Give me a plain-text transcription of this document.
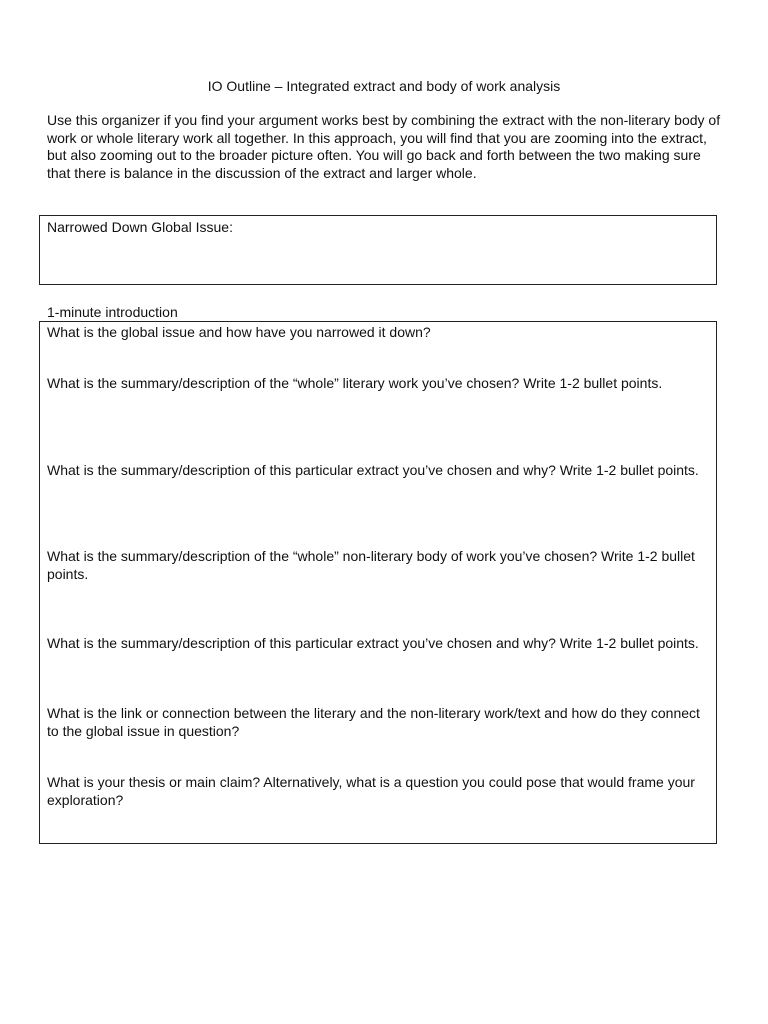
IO Outline – Integrated extract and body of work analysis
Use this organizer if you find your argument works best by combining the extract with the non-literary body of work or whole literary work all together. In this approach, you will find that you are zooming into the extract, but also zooming out to the broader picture often. You will go back and forth between the two making sure that there is balance in the discussion of the extract and larger whole.
Narrowed Down Global Issue:
1-minute introduction
What is the global issue and how have you narrowed it down?
What is the summary/description of the “whole” literary work you’ve chosen? Write 1-2 bullet points.
What is the summary/description of this particular extract you’ve chosen and why? Write 1-2 bullet points.
What is the summary/description of the “whole” non-literary body of work you’ve chosen? Write 1-2 bullet points.
What is the summary/description of this particular extract you’ve chosen and why? Write 1-2 bullet points.
What is the link or connection between the literary and the non-literary work/text and how do they connect to the global issue in question?
What is your thesis or main claim? Alternatively, what is a question you could pose that would frame your exploration?
